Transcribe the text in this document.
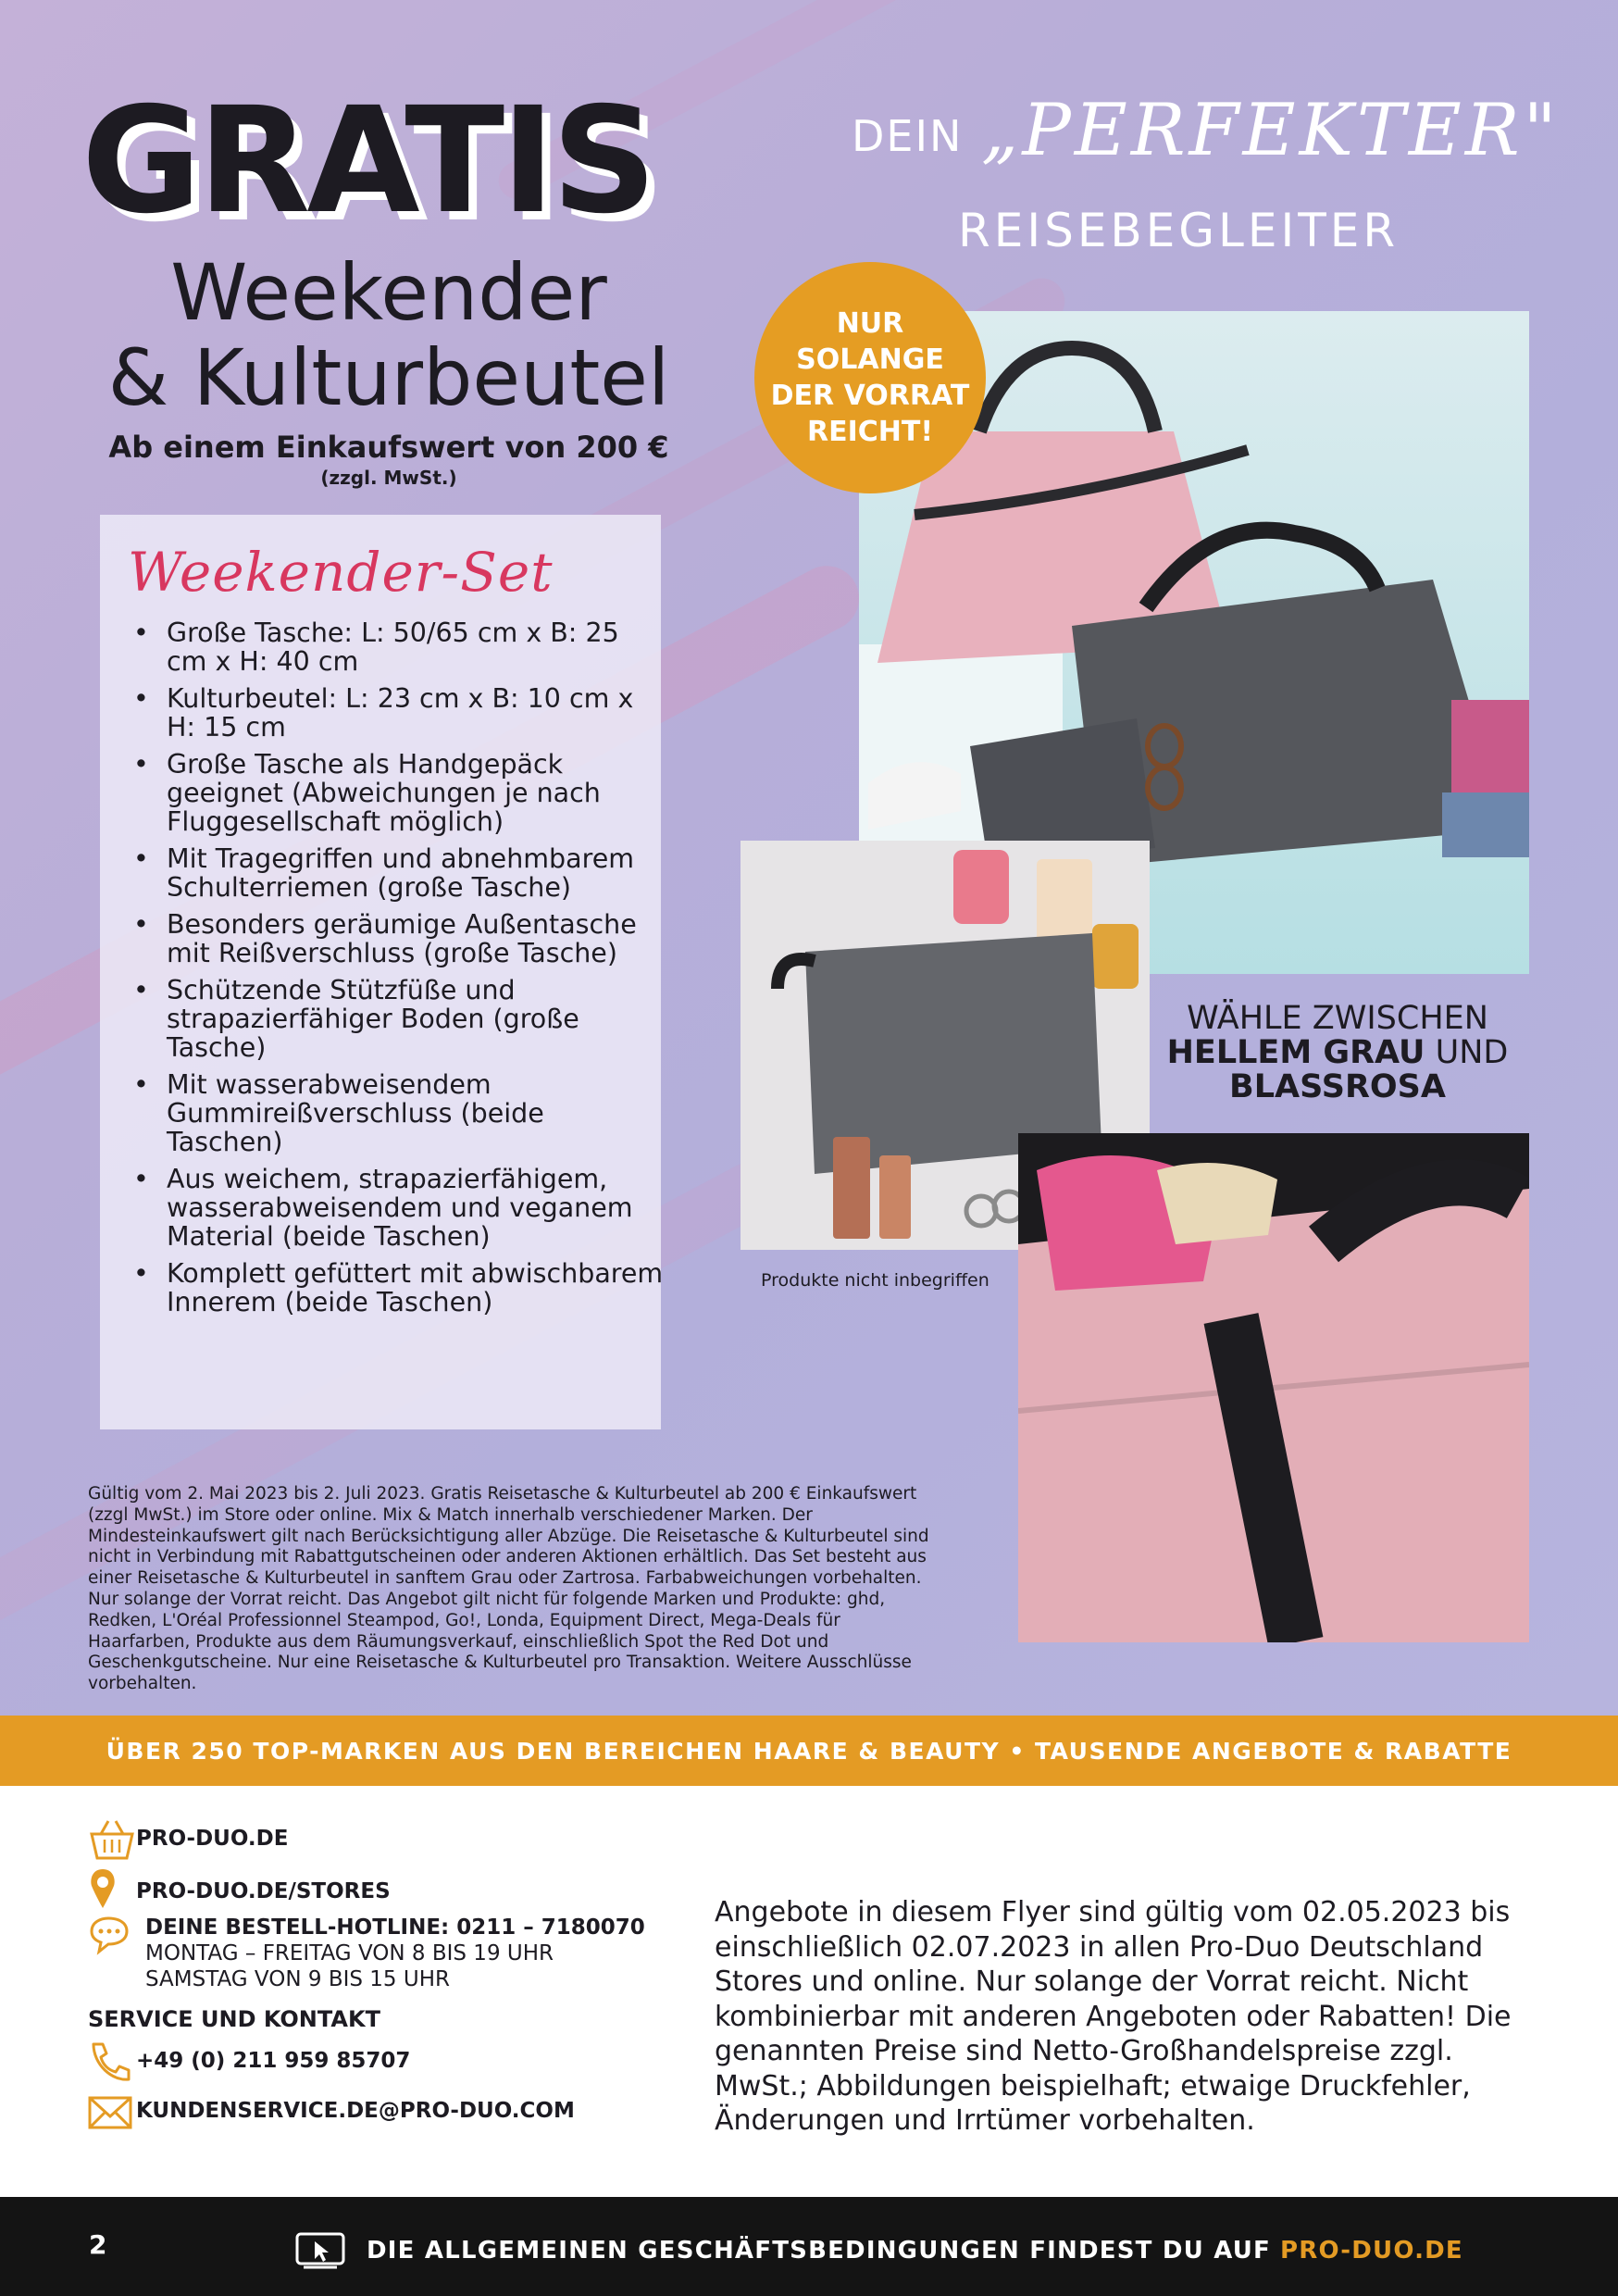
GRATIS
Weekender
& Kulturbeutel
Ab einem Einkaufswert von 200 €
(zzgl. MwSt.)
Weekender-Set
• Große Tasche: L: 50/65 cm x B: 25 cm x H: 40 cm
• Kulturbeutel: L: 23 cm x B: 10 cm x H: 15 cm
• Große Tasche als Handgepäck geeignet (Abweichungen je nach Fluggesellschaft möglich)
• Mit Tragegriffen und abnehmbarem Schulterriemen (große Tasche)
• Besonders geräumige Außentasche mit Reißverschluss (große Tasche)
• Schützende Stützfüße und strapazierfähiger Boden (große Tasche)
• Mit wasserabweisendem Gummireißverschluss (beide Taschen)
• Aus weichem, strapazierfähigem, wasserabweisendem und veganem Material (beide Taschen)
• Komplett gefüttert mit abwischbarem Innerem (beide Taschen)
Gültig vom 2. Mai 2023 bis 2. Juli 2023. Gratis Reisetasche & Kulturbeutel ab 200 € Einkaufswert (zzgl MwSt.) im Store oder online. Mix & Match innerhalb verschiedener Marken. Der Mindesteinkaufswert gilt nach Berücksichtigung aller Abzüge. Die Reisetasche & Kulturbeutel sind nicht in Verbindung mit Rabattgutscheinen oder anderen Aktionen erhältlich. Das Set besteht aus einer Reisetasche & Kulturbeutel in sanftem Grau oder Zartrosa. Farbabweichungen vorbehalten. Nur solange der Vorrat reicht. Das Angebot gilt nicht für folgende Marken und Produkte: ghd, Redken, L'Oréal Professionnel Steampod, Go!, Londa, Equipment Direct, Mega-Deals für Haarfarben, Produkte aus dem Räumungsverkauf, einschließlich Spot the Red Dot und Geschenkgutscheine. Nur eine Reisetasche & Kulturbeutel pro Transaktion. Weitere Ausschlüsse vorbehalten.
DEIN „PERFEKTER"
REISEBEGLEITER
NUR
SOLANGE
DER VORRAT
REICHT!
WÄHLE ZWISCHEN
HELLEM GRAU UND
BLASSROSA
Produkte nicht inbegriffen
ÜBER 250 TOP-MARKEN AUS DEN BEREICHEN HAARE & BEAUTY • TAUSENDE ANGEBOTE & RABATTE
PRO-DUO.DE
PRO-DUO.DE/STORES
DEINE BESTELL-HOTLINE: 0211 – 7180070
MONTAG – FREITAG VON 8 BIS 19 UHR
SAMSTAG VON 9 BIS 15 UHR
SERVICE UND KONTAKT
+49 (0) 211 959 85707
KUNDENSERVICE.DE@PRO-DUO.COM
Angebote in diesem Flyer sind gültig vom 02.05.2023 bis einschließlich 02.07.2023 in allen Pro-Duo Deutschland Stores und online. Nur solange der Vorrat reicht. Nicht kombinierbar mit anderen Angeboten oder Rabatten! Die genannten Preise sind Netto-Großhandelspreise zzgl. MwSt.; Abbildungen beispielhaft; etwaige Druckfehler, Änderungen und Irrtümer vorbehalten.
2	DIE ALLGEMEINEN GESCHÄFTSBEDINGUNGEN FINDEST DU AUF PRO-DUO.DE
